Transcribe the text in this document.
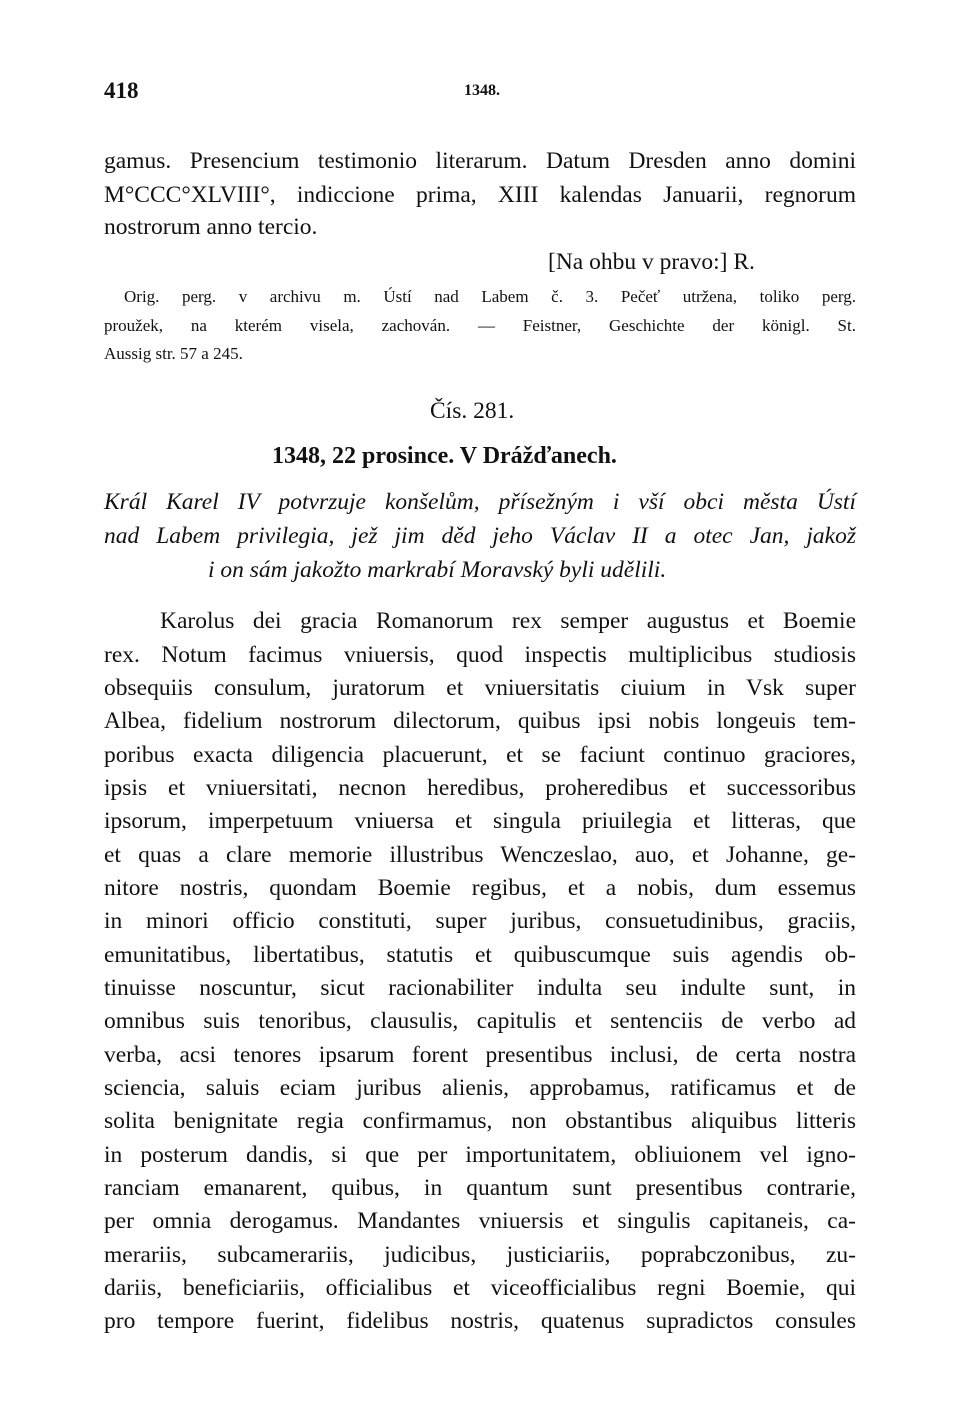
418	1348.
gamus. Presencium testimonio literarum. Datum Dresden anno domini
M°CCC°XLVIII°, indiccione prima, XIII kalendas Januarii, regnorum
nostrorum anno tercio.
[Na ohbu v pravo:] R.
Orig. perg. v archivu m. Ústí nad Labem č. 3. Pečeť utržena, toliko perg.
proužek, na kterém visela, zachován. — Feistner, Geschichte der königl. St.
Aussig str. 57 a 245.
Čís. 281.
1348, 22 prosince. V Drážďanech.
Král Karel IV potvrzuje konšelům, přísežným i vší obci města Ústí
nad Labem privilegia, jež jim děd jeho Václav II a otec Jan, jakož
i on sám jakožto markrabí Moravský byli udělili.
Karolus dei gracia Romanorum rex semper augustus et Boemie
rex. Notum facimus vniuersis, quod inspectis multiplicibus studiosis
obsequiis consulum, juratorum et vniuersitatis ciuium in Vsk super
Albea, fidelium nostrorum dilectorum, quibus ipsi nobis longeuis tem-
poribus exacta diligencia placuerunt, et se faciunt continuo graciores,
ipsis et vniuersitati, necnon heredibus, proheredibus et successoribus
ipsorum, imperpetuum vniuersa et singula priuilegia et litteras, que
et quas a clare memorie illustribus Wenczeslao, auo, et Johanne, ge-
nitore nostris, quondam Boemie regibus, et a nobis, dum essemus
in minori officio constituti, super juribus, consuetudinibus, graciis,
emunitatibus, libertatibus, statutis et quibuscumque suis agendis ob-
tinuisse noscuntur, sicut racionabiliter indulta seu indulte sunt, in
omnibus suis tenoribus, clausulis, capitulis et sentenciis de verbo ad
verba, acsi tenores ipsarum forent presentibus inclusi, de certa nostra
sciencia, saluis eciam juribus alienis, approbamus, ratificamus et de
solita benignitate regia confirmamus, non obstantibus aliquibus litteris
in posterum dandis, si que per importunitatem, obliuionem vel igno-
ranciam emanarent, quibus, in quantum sunt presentibus contrarie,
per omnia derogamus. Mandantes vniuersis et singulis capitaneis, ca-
merariis, subcamerariis, judicibus, justiciariis, poprabczonibus, zu-
dariis, beneficiariis, officialibus et viceofficialibus regni Boemie, qui
pro tempore fuerint, fidelibus nostris, quatenus supradictos consules
